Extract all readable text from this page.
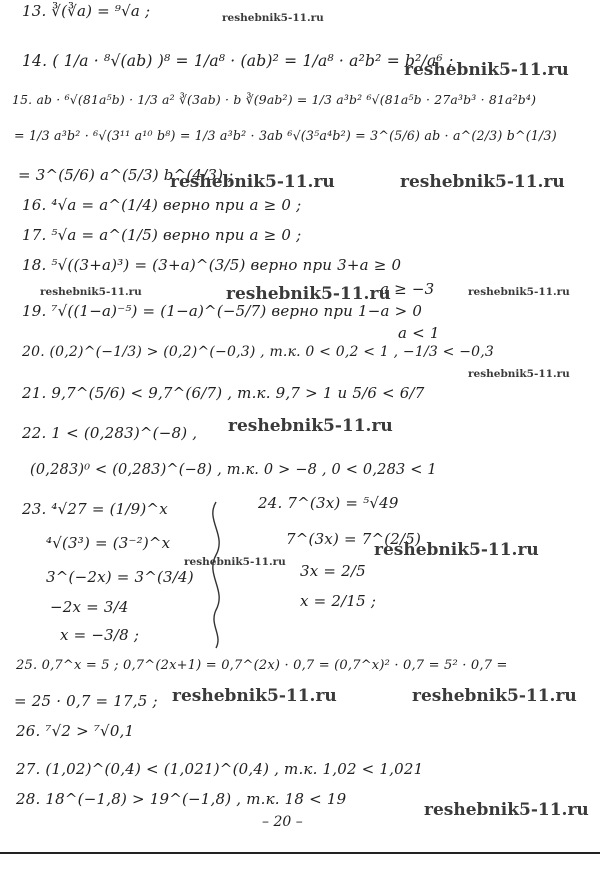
13. ∛(∛a) = ⁹√a ;
14. ( 1/a · ⁸√(ab) )⁸ = 1/a⁸ · (ab)² = 1/a⁸ · a²b² = b²/a⁶ ;
15. ab · ⁶√(81a⁵b) · 1/3 a² ∛(3ab) · b ∛(9ab²) = 1/3 a³b² ⁶√(81a⁵b · 27a³b³ · 81a²b⁴)
= 1/3 a³b² · ⁶√(3¹¹ a¹⁰ b⁸) = 1/3 a³b² · 3ab ⁶√(3⁵a⁴b²) = 3^(5/6) ab · a^(2/3) b^(1/3)
= 3^(5/6) a^(5/3) b^(4/3) ;
16. ⁴√a = a^(1/4) верно при a ≥ 0 ;
17. ⁵√a = a^(1/5) верно при a ≥ 0 ;
18. ⁵√((3+a)³) = (3+a)^(3/5) верно при 3+a ≥ 0
a ≥ −3
19. ⁷√((1−a)⁻⁵) = (1−a)^(−5/7) верно при 1−a > 0
a < 1
20. (0,2)^(−1/3) > (0,2)^(−0,3) , т.к. 0 < 0,2 < 1 , −1/3 < −0,3
21. 9,7^(5/6) < 9,7^(6/7) , т.к. 9,7 > 1 и 5/6 < 6/7
22. 1 < (0,283)^(−8) ,
(0,283)⁰ < (0,283)^(−8) , т.к. 0 > −8 , 0 < 0,283 < 1
23. ⁴√27 = (1/9)^x
⁴√(3³) = (3⁻²)^x
3^(−2x) = 3^(3/4)
−2x = 3/4
x = −3/8 ;
24. 7^(3x) = ⁵√49
7^(3x) = 7^(2/5)
3x = 2/5
x = 2/15 ;
25. 0,7^x = 5 ; 0,7^(2x+1) = 0,7^(2x) · 0,7 = (0,7^x)² · 0,7 = 5² · 0,7 =
= 25 · 0,7 = 17,5 ;
26. ⁷√2 > ⁷√0,1
27. (1,02)^(0,4) < (1,021)^(0,4) , т.к. 1,02 < 1,021
28. 18^(−1,8) > 19^(−1,8) , т.к. 18 < 19
– 20 –
reshebnik5-11.ru
reshebnik5-11.ru
reshebnik5-11.ru	reshebnik5-11.ru
reshebnik5-11.ru	reshebnik5-11.ru	reshebnik5-11.ru
reshebnik5-11.ru
reshebnik5-11.ru
reshebnik5-11.ru
reshebnik5-11.ru
reshebnik5-11.ru	reshebnik5-11.ru
reshebnik5-11.ru
